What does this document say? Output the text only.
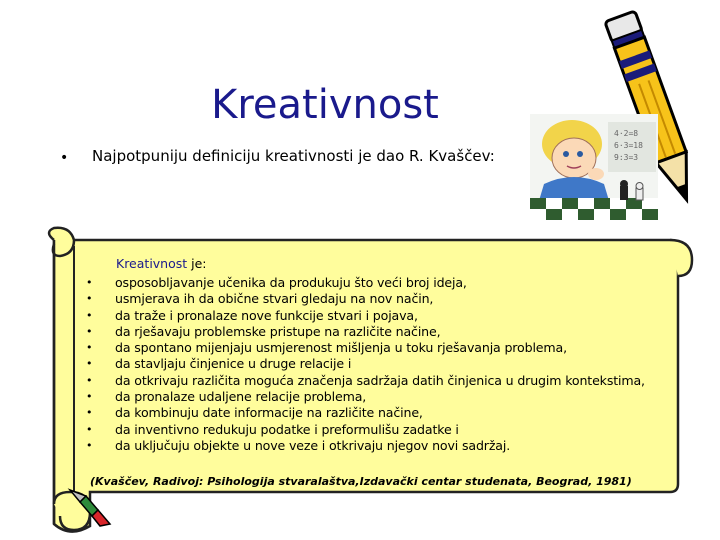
4·2=8
6·3=18
9:3=3
Kreativnost
• Najpotpuniju definiciju kreativnosti je dao R. Kvaščev:
Kreativnost je:
• osposobljavanje učenika da produkuju što veći broj ideja,
• usmjerava ih da obične stvari gledaju na nov način,
• da traže i pronalaze nove funkcije stvari i pojava,
• da rješavaju problemske pristupe na različite načine,
• da spontano mijenjaju usmjerenost mišljenja u toku rješavanja problema,
• da stavljaju činjenice u druge relacije i
• da otkrivaju različita moguća značenja sadržaja datih činjenica u drugim kontekstima,
• da pronalaze udaljene relacije problema,
• da kombinuju date informacije na različite načine,
• da inventivno redukuju podatke i preformulišu zadatke i
• da uključuju objekte u nove veze i otkrivaju njegov novi sadržaj.
(Kvaščev, Radivoj: Psihologija stvaralaštva,Izdavački centar studenata, Beograd, 1981)
